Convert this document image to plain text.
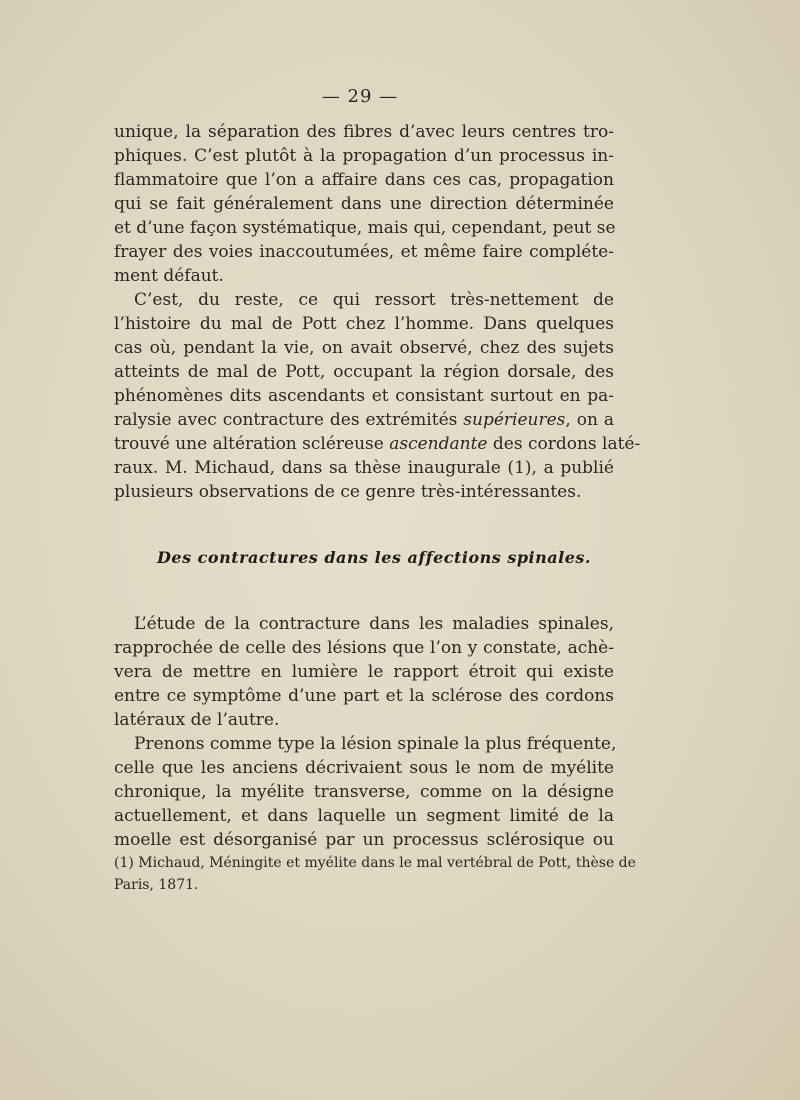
— 29 —
unique, la séparation des fibres d’avec leurs centres tro-
phiques. C’est plutôt à la propagation d’un processus in-
flammatoire que l’on a affaire dans ces cas, propagation
qui se fait généralement dans une direction déterminée
et d’une façon systématique, mais qui, cependant, peut se
frayer des voies inaccoutumées, et même faire compléte-
ment défaut.
C’est, du reste, ce qui ressort très-nettement de
l’histoire du mal de Pott chez l’homme. Dans quelques
cas où, pendant la vie, on avait observé, chez des sujets
atteints de mal de Pott, occupant la région dorsale, des
phénomènes dits ascendants et consistant surtout en pa-
ralysie avec contracture des extrémités supérieures, on a
trouvé une altération scléreuse ascendante des cordons laté-
raux. M. Michaud, dans sa thèse inaugurale (1), a publié
plusieurs observations de ce genre très-intéressantes.
Des contractures dans les affections spinales.
L’étude de la contracture dans les maladies spinales,
rapprochée de celle des lésions que l’on y constate, achè-
vera de mettre en lumière le rapport étroit qui existe
entre ce symptôme d’une part et la sclérose des cordons
latéraux de l’autre.
Prenons comme type la lésion spinale la plus fréquente,
celle que les anciens décrivaient sous le nom de myélite
chronique, la myélite transverse, comme on la désigne
actuellement, et dans laquelle un segment limité de la
moelle est désorganisé par un processus sclérosique ou
(1) Michaud, Méningite et myélite dans le mal vertébral de Pott, thèse de
Paris, 1871.
